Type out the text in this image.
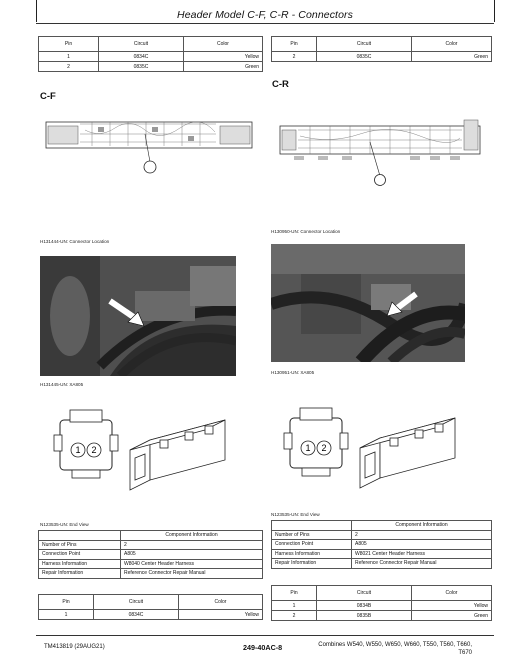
Header Model C-F, C-R - Connectors
Pin	Circuit	Color
1	0834C	Yellow
2	0835C	Green
Pin	Circuit	Color
2	0835C	Green
C-F
C-R
H131444-UN: Connector Location
H130950-UN: Connector Location
H131445-UN: XA805
H130951-UN: XA805
1 2	1 2
N123535-UN: End View
N123535-UN: End View
	Component Information
Number of Pins	2
Connection Point	A805
Harness Information	W8040 Center Header Harness
Repair Information	Reference Connector Repair Manual
	Component Information
Number of Pins	2
Connection Point	A805
Harness Information	W8021 Center Header Harness
Repair Information	Reference Connector Repair Manual
Pin	Circuit	Color
1	0834C	Yellow
Pin	Circuit	Color
1	0834B	Yellow
2	0835B	Green
TM413819 (29AUG21)	249-40AC-8	Combines W540, W550, W650, W660, T550, T560, T660,
T670
